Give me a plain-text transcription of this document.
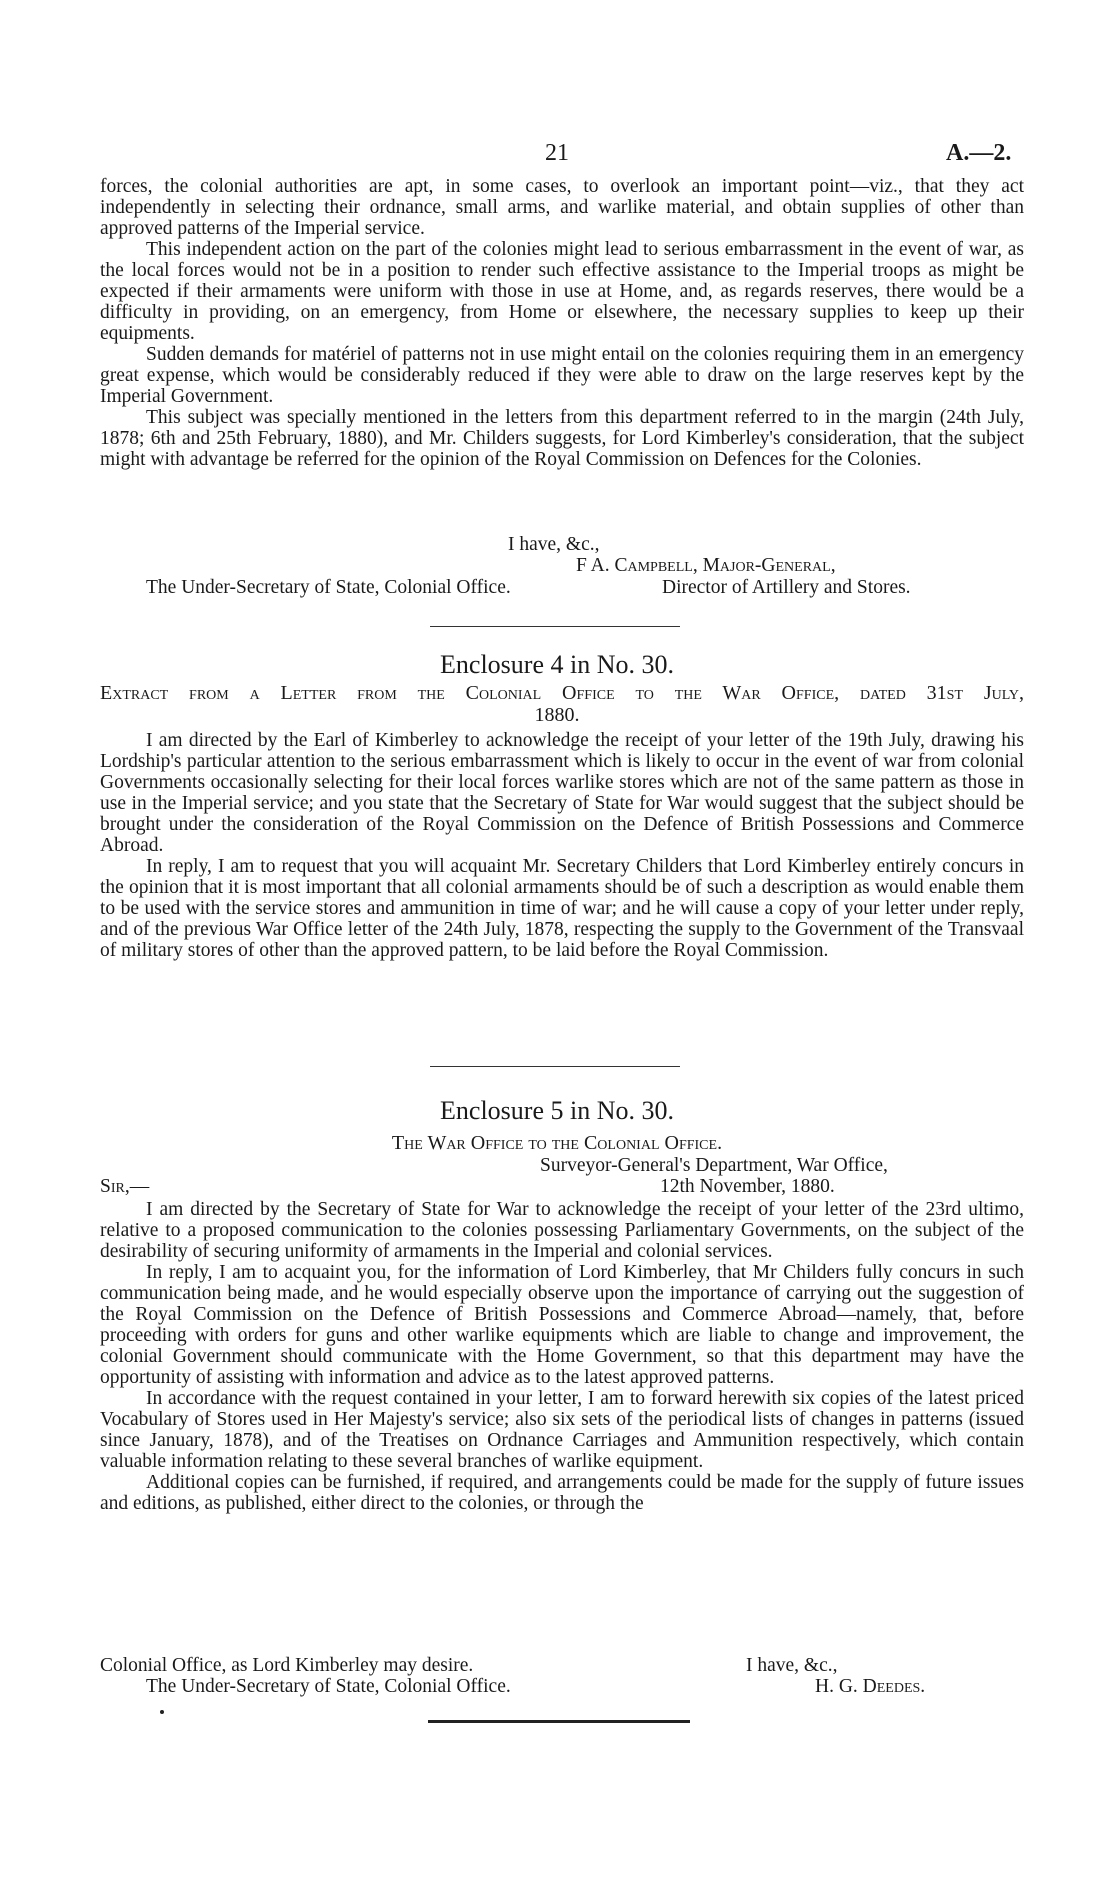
21	A.—2.

forces, the colonial authorities are apt, in some cases, to overlook an important point—viz., that they act independently in selecting their ordnance, small arms, and warlike material, and obtain supplies of other than approved patterns of the Imperial service.

This independent action on the part of the colonies might lead to serious embarrassment in the event of war, as the local forces would not be in a position to render such effective assistance to the Imperial troops as might be expected if their armaments were uniform with those in use at Home, and, as regards reserves, there would be a difficulty in providing, on an emergency, from Home or elsewhere, the necessary supplies to keep up their equipments.

Sudden demands for matériel of patterns not in use might entail on the colonies requiring them in an emergency great expense, which would be considerably reduced if they were able to draw on the large reserves kept by the Imperial Government.

This subject was specially mentioned in the letters from this department referred to in the margin (24th July, 1878; 6th and 25th February, 1880), and Mr. Childers suggests, for Lord Kimberley's consideration, that the subject might with advantage be referred for the opinion of the Royal Commission on Defences for the Colonies.

I have, &c.,
F A. Campbell, Major-General,
The Under-Secretary of State, Colonial Office.	Director of Artillery and Stores.
Enclosure 4 in No. 30.
Extract from a Letter from the Colonial Office to the War Office, dated 31st July,
1880.

I am directed by the Earl of Kimberley to acknowledge the receipt of your letter of the 19th July, drawing his Lordship's particular attention to the serious embarrassment which is likely to occur in the event of war from colonial Governments occasionally selecting for their local forces warlike stores which are not of the same pattern as those in use in the Imperial service; and you state that the Secretary of State for War would suggest that the subject should be brought under the consideration of the Royal Commission on the Defence of British Possessions and Commerce Abroad.

In reply, I am to request that you will acquaint Mr. Secretary Childers that Lord Kimberley entirely concurs in the opinion that it is most important that all colonial armaments should be of such a description as would enable them to be used with the service stores and ammunition in time of war; and he will cause a copy of your letter under reply, and of the previous War Office letter of the 24th July, 1878, respecting the supply to the Government of the Transvaal of military stores of other than the approved pattern, to be laid before the Royal Commission.

Enclosure 5 in No. 30.
The War Office to the Colonial Office.
Surveyor-General's Department, War Office,
Sir,—	12th November, 1880.

I am directed by the Secretary of State for War to acknowledge the receipt of your letter of the 23rd ultimo, relative to a proposed communication to the colonies possessing Parliamentary Governments, on the subject of the desirability of securing uniformity of armaments in the Imperial and colonial services.

In reply, I am to acquaint you, for the information of Lord Kimberley, that Mr Childers fully concurs in such communication being made, and he would especially observe upon the importance of carrying out the suggestion of the Royal Commission on the Defence of British Possessions and Commerce Abroad—namely, that, before proceeding with orders for guns and other warlike equipments which are liable to change and improvement, the colonial Government should communicate with the Home Government, so that this department may have the opportunity of assisting with information and advice as to the latest approved patterns.

In accordance with the request contained in your letter, I am to forward herewith six copies of the latest priced Vocabulary of Stores used in Her Majesty's service; also six sets of the periodical lists of changes in patterns (issued since January, 1878), and of the Treatises on Ordnance Carriages and Ammunition respectively, which contain valuable information relating to these several branches of warlike equipment.

Additional copies can be furnished, if required, and arrangements could be made for the supply of future issues and editions, as published, either direct to the colonies, or through the

Colonial Office, as Lord Kimberley may desire.	I have, &c.,
The Under-Secretary of State, Colonial Office.	H. G. Deedes.
